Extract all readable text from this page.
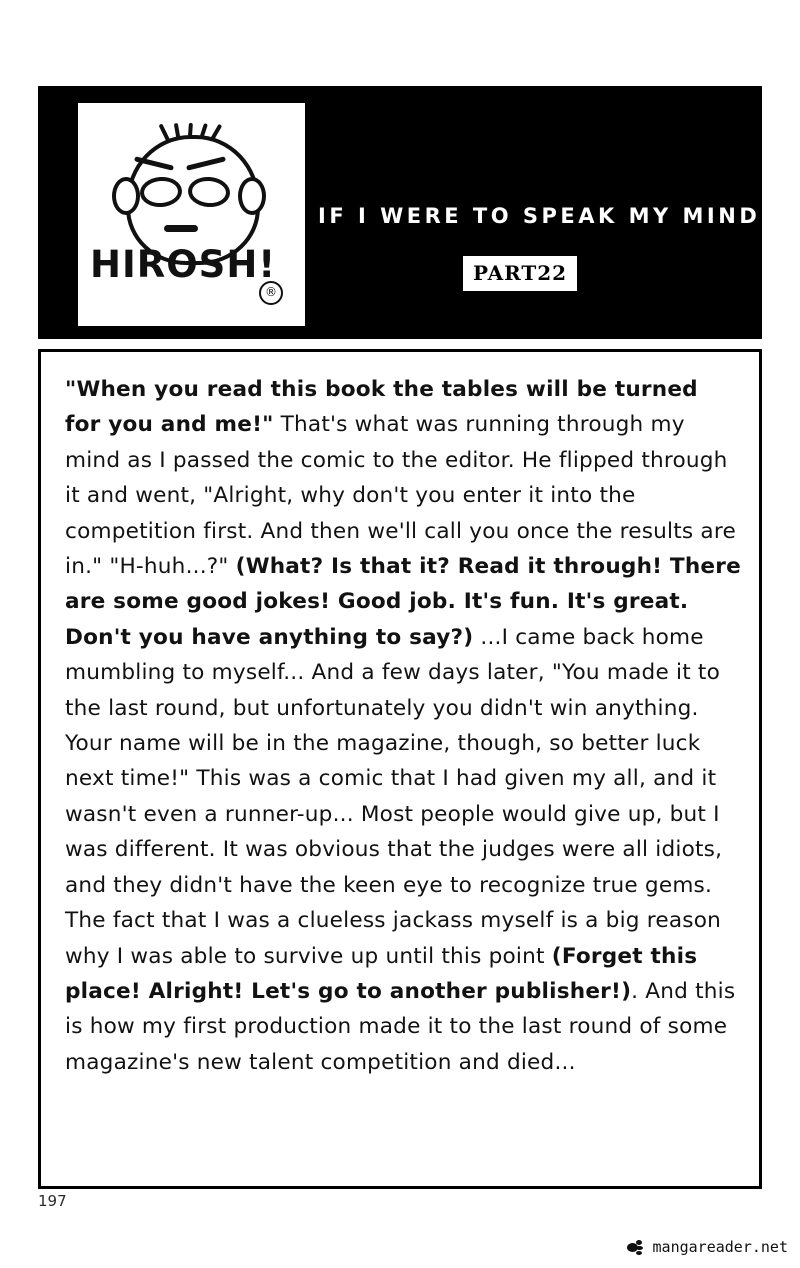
HIROSH!
®
IF I WERE TO SPEAK MY MIND...
PART22
"When you read this book the tables will be turned for you and me!" That's what was running through my mind as I passed the comic to the editor. He flipped through it and went, "Alright, why don't you enter it into the competition first. And then we'll call you once the results are in." "H-huh...?" (What? Is that it? Read it through! There are some good jokes! Good job. It's fun. It's great. Don't you have anything to say?) ...I came back home mumbling to myself... And a few days later, "You made it to the last round, but unfortunately you didn't win anything. Your name will be in the magazine, though, so better luck next time!" This was a comic that I had given my all, and it wasn't even a runner-up... Most people would give up, but I was different. It was obvious that the judges were all idiots, and they didn't have the keen eye to recognize true gems. The fact that I was a clueless jackass myself is a big reason why I was able to survive up until this point (Forget this place! Alright! Let's go to another publisher!). And this is how my first production made it to the last round of some magazine's new talent competition and died...
197
mangareader.net
